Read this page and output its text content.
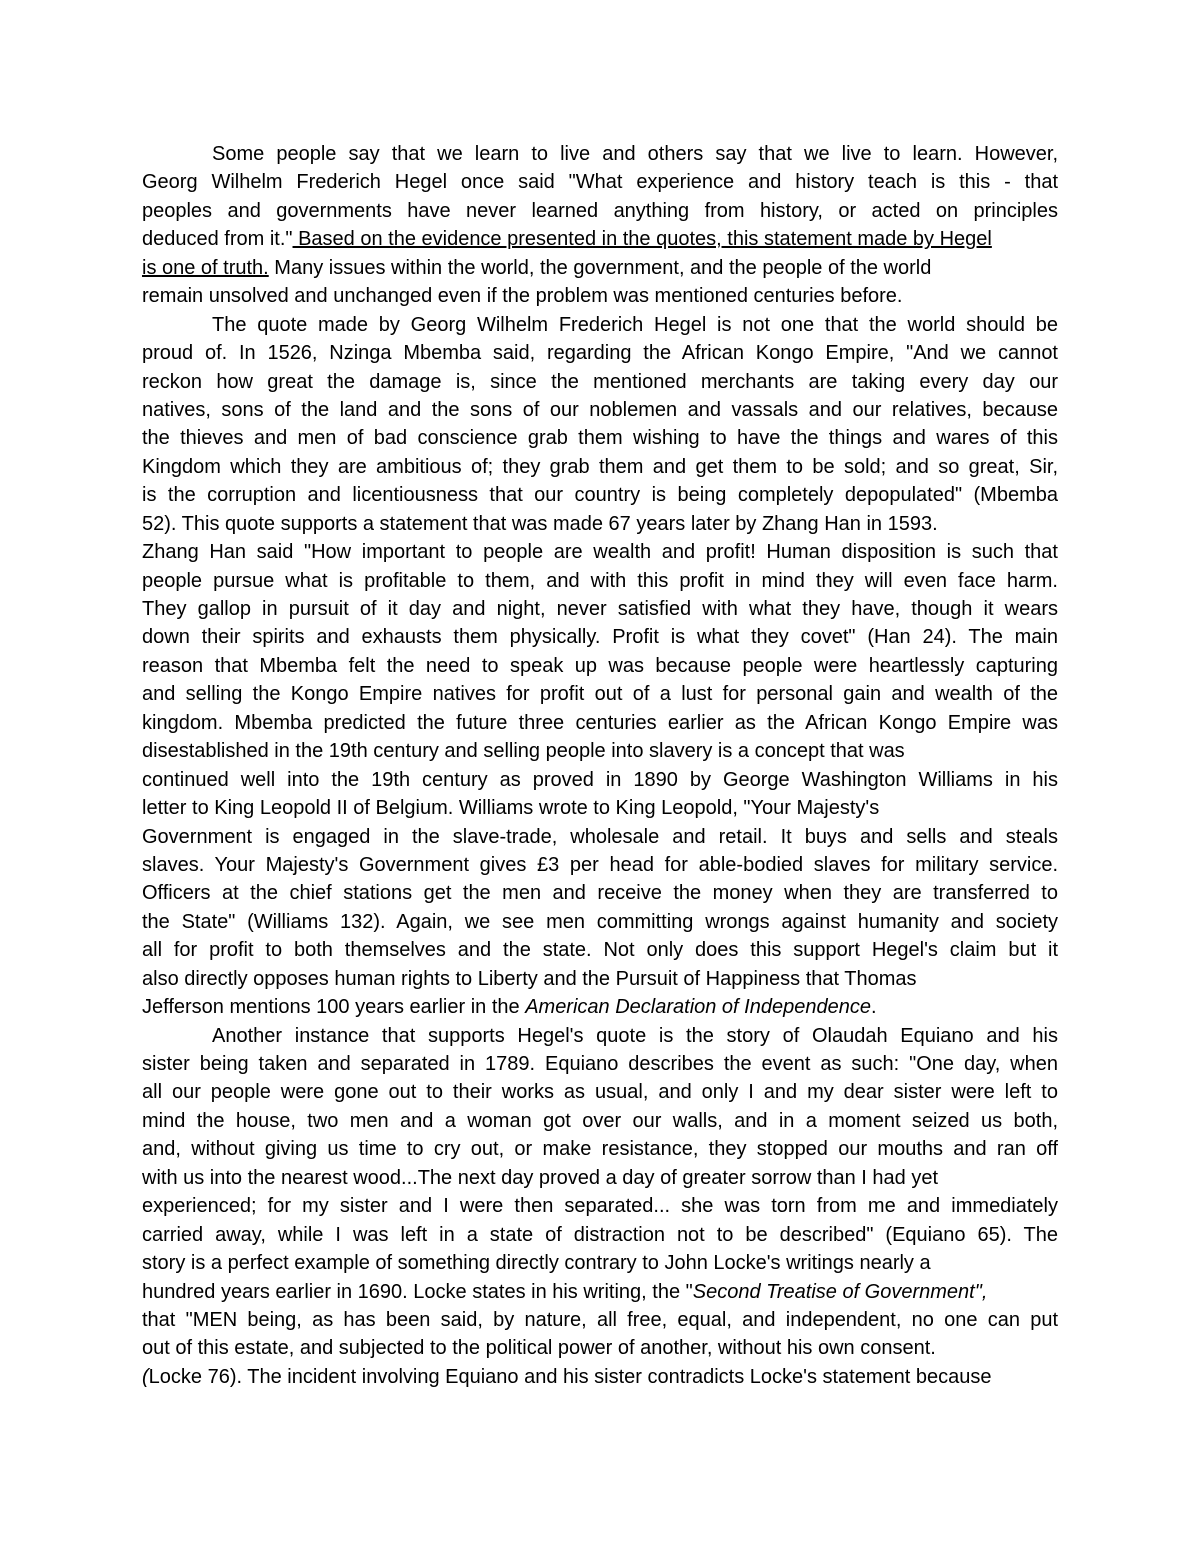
Some people say that we learn to live and others say that we live to learn. However,
Georg Wilhelm Frederich Hegel once said "What experience and history teach is this - that
peoples and governments have never learned anything from history, or acted on principles
deduced from it." Based on the evidence presented in the quotes, this statement made by Hegel
is one of truth. Many issues within the world, the government, and the people of the world
remain unsolved and unchanged even if the problem was mentioned centuries before.
The quote made by Georg Wilhelm Frederich Hegel is not one that the world should be
proud of. In 1526, Nzinga Mbemba said, regarding the African Kongo Empire, "And we cannot
reckon how great the damage is, since the mentioned merchants are taking every day our
natives, sons of the land and the sons of our noblemen and vassals and our relatives, because
the thieves and men of bad conscience grab them wishing to have the things and wares of this
Kingdom which they are ambitious of; they grab them and get them to be sold; and so great, Sir,
is the corruption and licentiousness that our country is being completely depopulated" (Mbemba
52). This quote supports a statement that was made 67 years later by Zhang Han in 1593.
Zhang Han said "How important to people are wealth and profit! Human disposition is such that
people pursue what is profitable to them, and with this profit in mind they will even face harm.
They gallop in pursuit of it day and night, never satisfied with what they have, though it wears
down their spirits and exhausts them physically. Profit is what they covet" (Han 24). The main
reason that Mbemba felt the need to speak up was because people were heartlessly capturing
and selling the Kongo Empire natives for profit out of a lust for personal gain and wealth of the
kingdom. Mbemba predicted the future three centuries earlier as the African Kongo Empire was
disestablished in the 19th century and selling people into slavery is a concept that was
continued well into the 19th century as proved in 1890 by George Washington Williams in his
letter to King Leopold II of Belgium. Williams wrote to King Leopold, "Your Majesty's
Government is engaged in the slave-trade, wholesale and retail. It buys and sells and steals
slaves. Your Majesty's Government gives £3 per head for able-bodied slaves for military service.
Officers at the chief stations get the men and receive the money when they are transferred to
the State" (Williams 132). Again, we see men committing wrongs against humanity and society
all for profit to both themselves and the state. Not only does this support Hegel's claim but it
also directly opposes human rights to Liberty and the Pursuit of Happiness that Thomas
Jefferson mentions 100 years earlier in the American Declaration of Independence.
Another instance that supports Hegel's quote is the story of Olaudah Equiano and his
sister being taken and separated in 1789. Equiano describes the event as such: "One day, when
all our people were gone out to their works as usual, and only I and my dear sister were left to
mind the house, two men and a woman got over our walls, and in a moment seized us both,
and, without giving us time to cry out, or make resistance, they stopped our mouths and ran off
with us into the nearest wood...The next day proved a day of greater sorrow than I had yet
experienced; for my sister and I were then separated... she was torn from me and immediately
carried away, while I was left in a state of distraction not to be described" (Equiano 65). The
story is a perfect example of something directly contrary to John Locke's writings nearly a
hundred years earlier in 1690. Locke states in his writing, the "Second Treatise of Government",
that "MEN being, as has been said, by nature, all free, equal, and independent, no one can put
out of this estate, and subjected to the political power of another, without his own consent.
(Locke 76). The incident involving Equiano and his sister contradicts Locke's statement because
